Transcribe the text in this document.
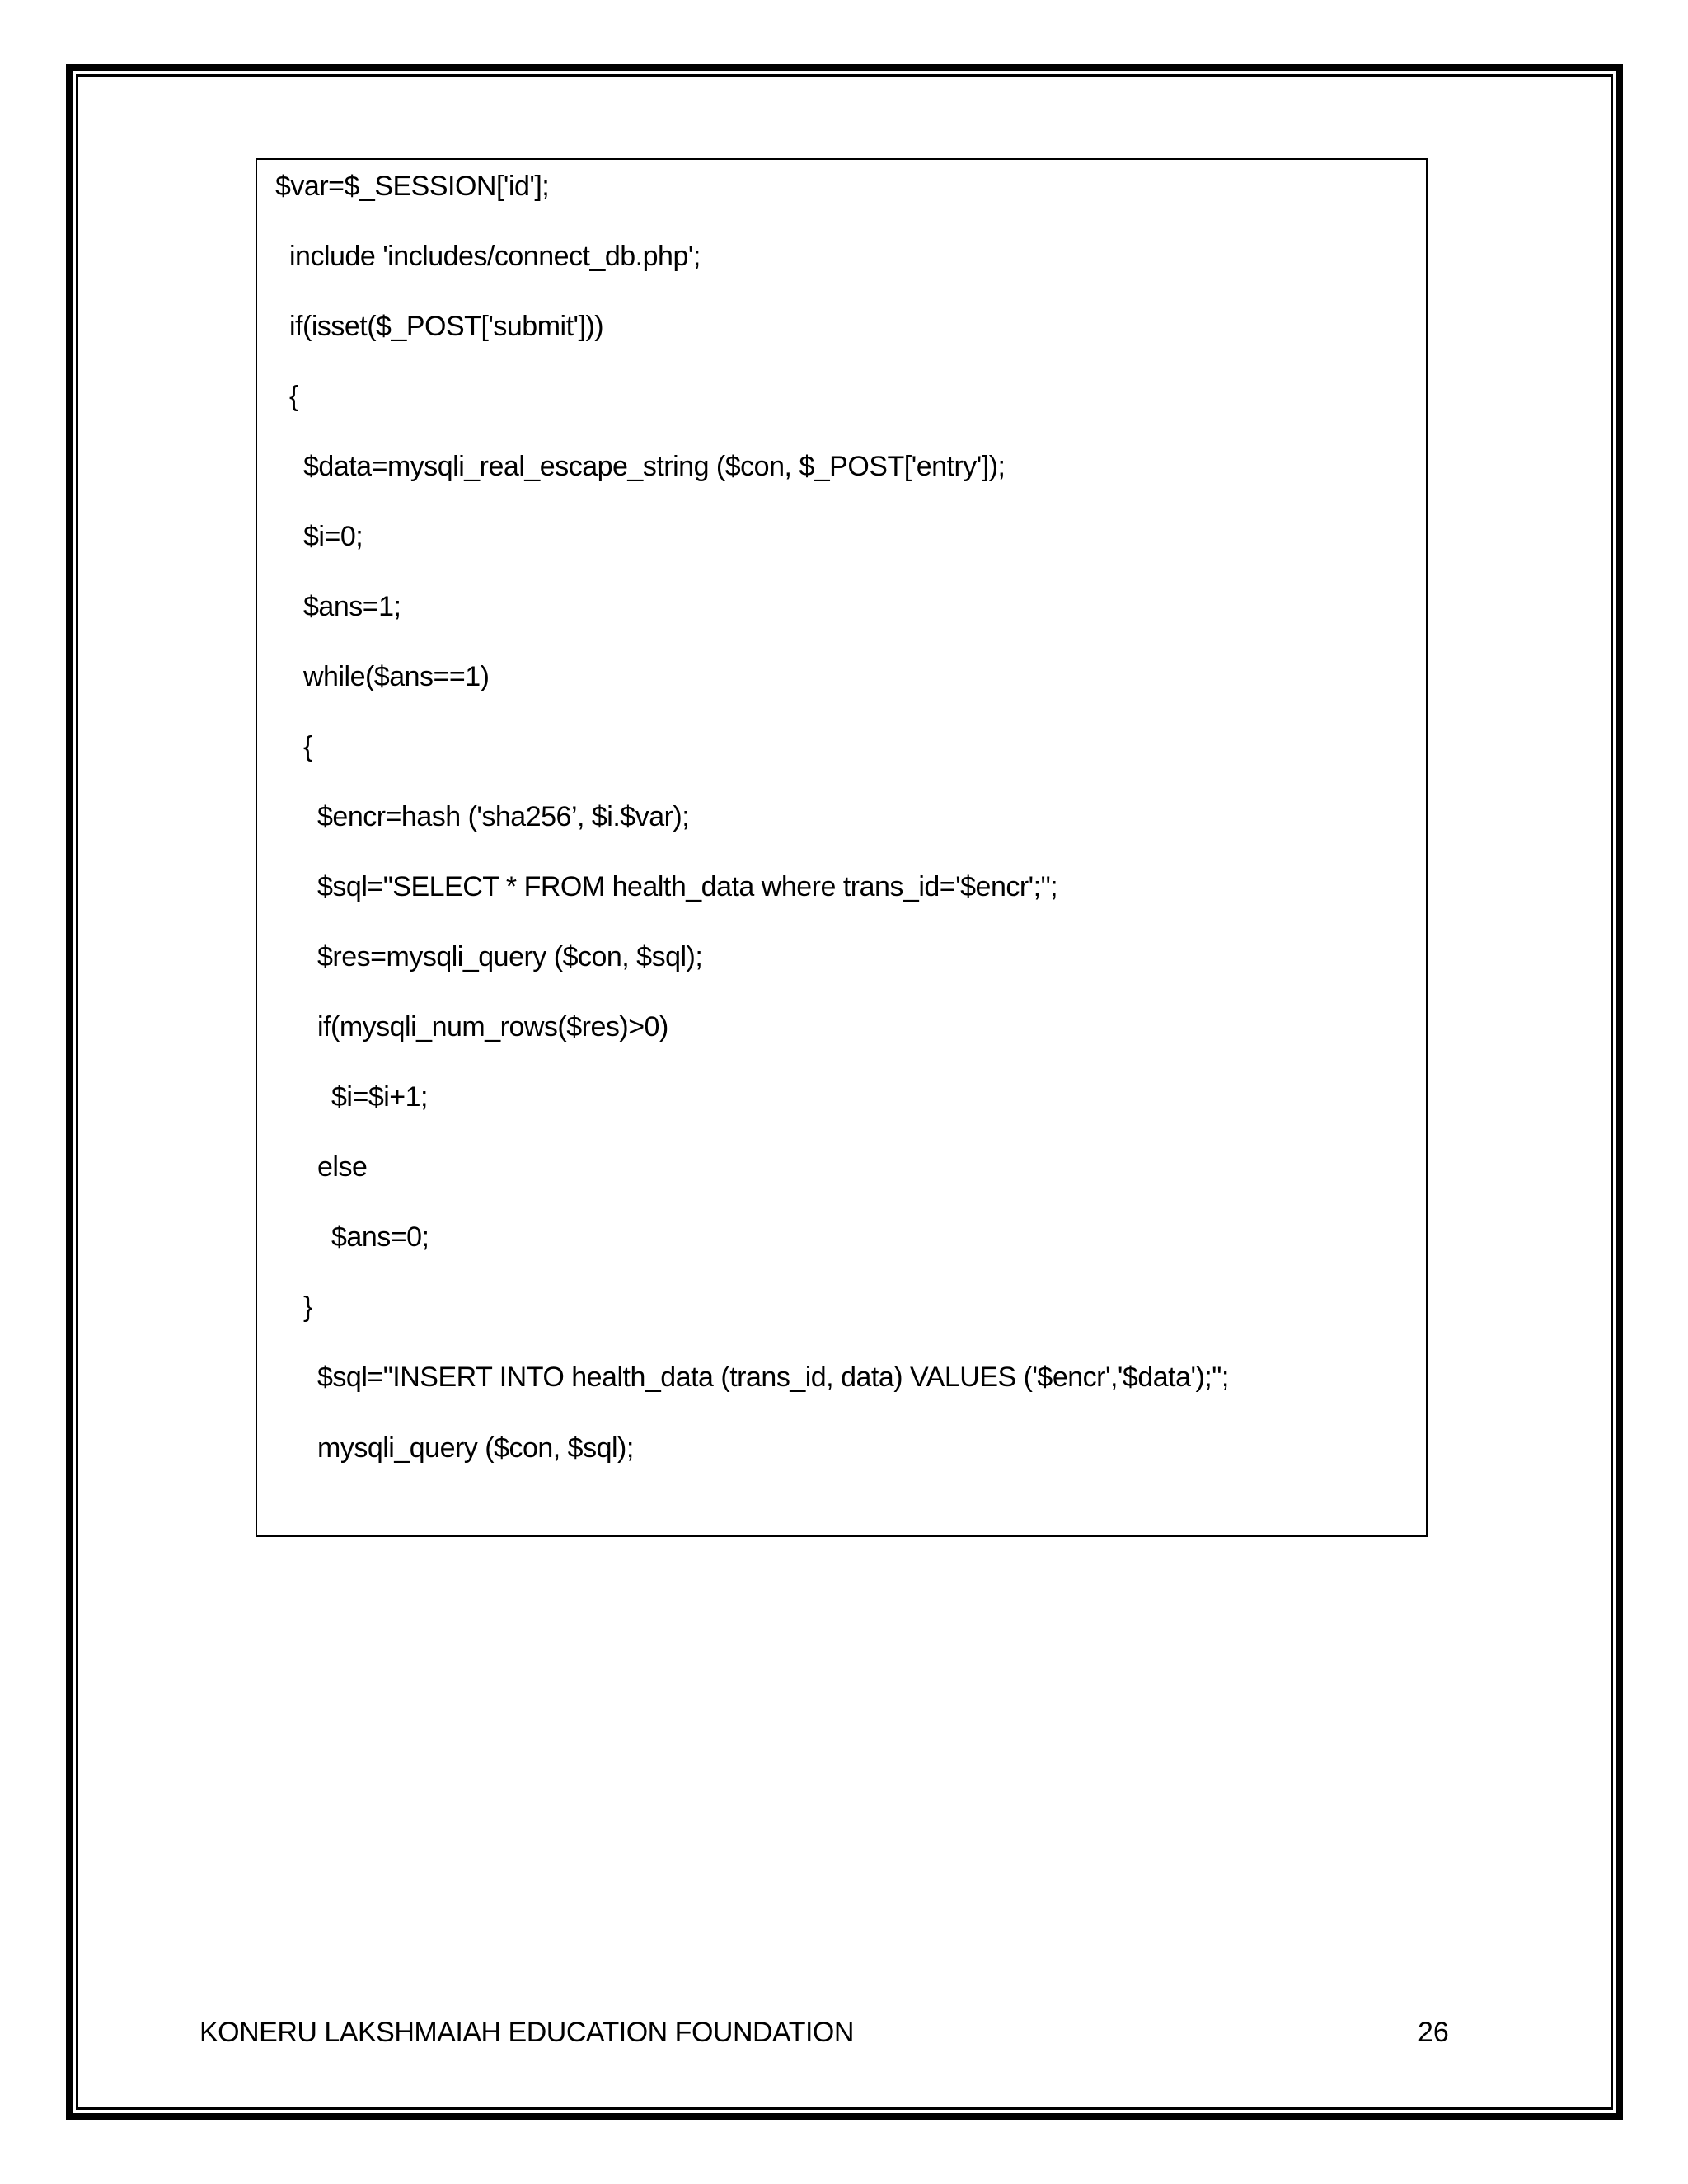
$var=$_SESSION['id'];
include 'includes/connect_db.php';
if(isset($_POST['submit']))
{
$data=mysqli_real_escape_string ($con, $_POST['entry']);
$i=0;
$ans=1;
while($ans==1)
{
$encr=hash ('sha256’, $i.$var);
$sql="SELECT * FROM health_data where trans_id='$encr';";
$res=mysqli_query ($con, $sql);
if(mysqli_num_rows($res)>0)
$i=$i+1;
else
$ans=0;
}
$sql="INSERT INTO health_data (trans_id, data) VALUES ('$encr','$data');";
mysqli_query ($con, $sql);
KONERU LAKSHMAIAH EDUCATION FOUNDATION	26
